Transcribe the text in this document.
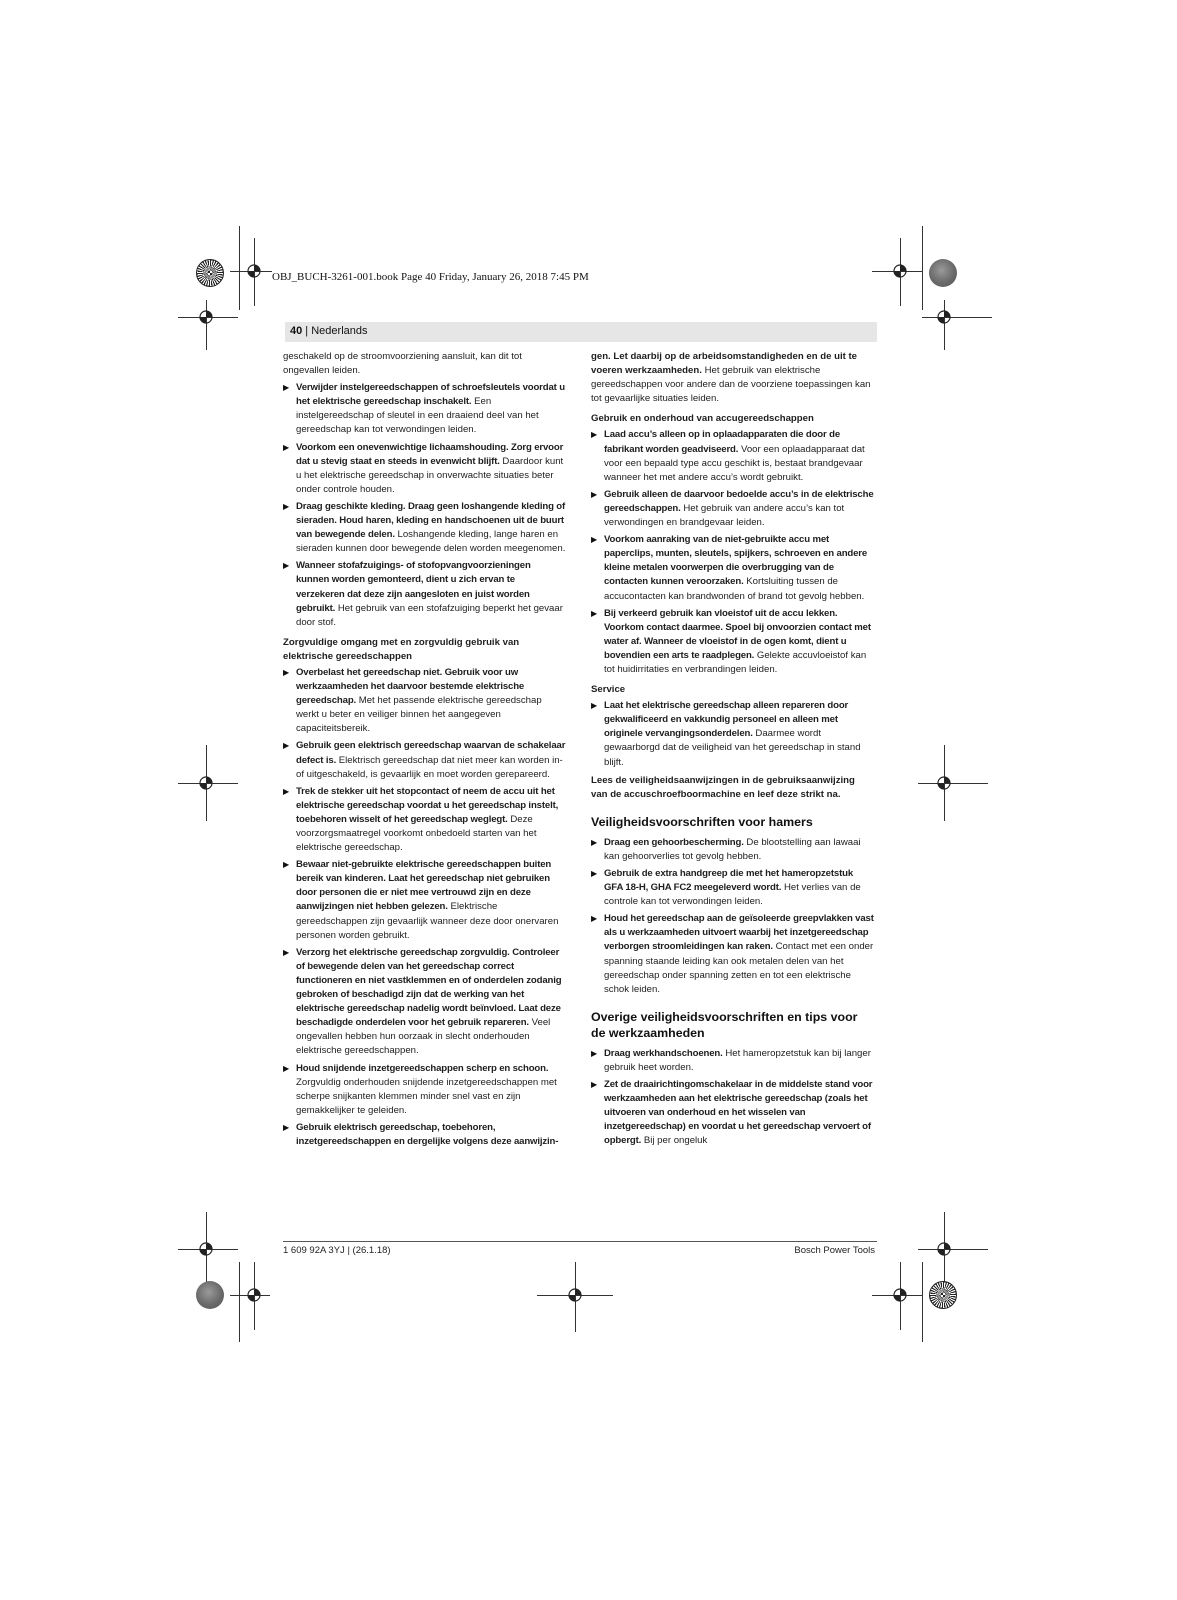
OBJ_BUCH-3261-001.book Page 40 Friday, January 26, 2018 7:45 PM
40 | Nederlands

geschakeld op de stroomvoorziening aansluit, kan dit tot ongevallen leiden.

▶ Verwijder instelgereedschappen of schroefsleutels voordat u het elektrische gereedschap inschakelt. Een instelgereedschap of sleutel in een draaiend deel van het gereedschap kan tot verwondingen leiden.
▶ Voorkom een onevenwichtige lichaamshouding. Zorg ervoor dat u stevig staat en steeds in evenwicht blijft. Daardoor kunt u het elektrische gereedschap in onverwachte situaties beter onder controle houden.
▶ Draag geschikte kleding. Draag geen loshangende kleding of sieraden. Houd haren, kleding en handschoenen uit de buurt van bewegende delen. Loshangende kleding, lange haren en sieraden kunnen door bewegende delen worden meegenomen.
▶ Wanneer stofafzuigings- of stofopvangvoorzieningen kunnen worden gemonteerd, dient u zich ervan te verzekeren dat deze zijn aangesloten en juist worden gebruikt. Het gebruik van een stofafzuiging beperkt het gevaar door stof.
Zorgvuldige omgang met en zorgvuldig gebruik van elektrische gereedschappen
▶ Overbelast het gereedschap niet. Gebruik voor uw werkzaamheden het daarvoor bestemde elektrische gereedschap. Met het passende elektrische gereedschap werkt u beter en veiliger binnen het aangegeven capaciteitsbereik.
▶ Gebruik geen elektrisch gereedschap waarvan de schakelaar defect is. Elektrisch gereedschap dat niet meer kan worden in- of uitgeschakeld, is gevaarlijk en moet worden gerepareerd.
▶ Trek de stekker uit het stopcontact of neem de accu uit het elektrische gereedschap voordat u het gereedschap instelt, toebehoren wisselt of het gereedschap weglegt. Deze voorzorgsmaatregel voorkomt onbedoeld starten van het elektrische gereedschap.
▶ Bewaar niet-gebruikte elektrische gereedschappen buiten bereik van kinderen. Laat het gereedschap niet gebruiken door personen die er niet mee vertrouwd zijn en deze aanwijzingen niet hebben gelezen. Elektrische gereedschappen zijn gevaarlijk wanneer deze door onervaren personen worden gebruikt.
▶ Verzorg het elektrische gereedschap zorgvuldig. Controleer of bewegende delen van het gereedschap correct functioneren en niet vastklemmen en of onderdelen zodanig gebroken of beschadigd zijn dat de werking van het elektrische gereedschap nadelig wordt beïnvloed. Laat deze beschadigde onderdelen voor het gebruik repareren. Veel ongevallen hebben hun oorzaak in slecht onderhouden elektrische gereedschappen.
▶ Houd snijdende inzetgereedschappen scherp en schoon. Zorgvuldig onderhouden snijdende inzetgereedschappen met scherpe snijkanten klemmen minder snel vast en zijn gemakkelijker te geleiden.
▶ Gebruik elektrisch gereedschap, toebehoren, inzetgereedschappen en dergelijke volgens deze aanwijzin-

gen. Let daarbij op de arbeidsomstandigheden en de uit te voeren werkzaamheden. Het gebruik van elektrische gereedschappen voor andere dan de voorziene toepassingen kan tot gevaarlijke situaties leiden.

Gebruik en onderhoud van accugereedschappen
▶ Laad accu’s alleen op in oplaadapparaten die door de fabrikant worden geadviseerd. Voor een oplaadapparaat dat voor een bepaald type accu geschikt is, bestaat brandgevaar wanneer het met andere accu’s wordt gebruikt.
▶ Gebruik alleen de daarvoor bedoelde accu’s in de elektrische gereedschappen. Het gebruik van andere accu’s kan tot verwondingen en brandgevaar leiden.
▶ Voorkom aanraking van de niet-gebruikte accu met paperclips, munten, sleutels, spijkers, schroeven en andere kleine metalen voorwerpen die overbrugging van de contacten kunnen veroorzaken. Kortsluiting tussen de accucontacten kan brandwonden of brand tot gevolg hebben.
▶ Bij verkeerd gebruik kan vloeistof uit de accu lekken. Voorkom contact daarmee. Spoel bij onvoorzien contact met water af. Wanneer de vloeistof in de ogen komt, dient u bovendien een arts te raadplegen. Gelekte accuvloeistof kan tot huidirritaties en verbrandingen leiden.
Service
▶ Laat het elektrische gereedschap alleen repareren door gekwalificeerd en vakkundig personeel en alleen met originele vervangingsonderdelen. Daarmee wordt gewaarborgd dat de veiligheid van het gereedschap in stand blijft.
Lees de veiligheidsaanwijzingen in de gebruiksaanwijzing van de accuschroefboormachine en leef deze strikt na.
Veiligheidsvoorschriften voor hamers
▶ Draag een gehoorbescherming. De blootstelling aan lawaai kan gehoorverlies tot gevolg hebben.
▶ Gebruik de extra handgreep die met het hameropzetstuk GFA 18-H, GHA FC2 meegeleverd wordt. Het verlies van de controle kan tot verwondingen leiden.
▶ Houd het gereedschap aan de geïsoleerde greepvlakken vast als u werkzaamheden uitvoert waarbij het inzetgereedschap verborgen stroomleidingen kan raken. Contact met een onder spanning staande leiding kan ook metalen delen van het gereedschap onder spanning zetten en tot een elektrische schok leiden.
Overige veiligheidsvoorschriften en tips voor de werkzaamheden
▶ Draag werkhandschoenen. Het hameropzetstuk kan bij langer gebruik heet worden.
▶ Zet de draairichtingomschakelaar in de middelste stand voor werkzaamheden aan het elektrische gereedschap (zoals het uitvoeren van onderhoud en het wisselen van inzetgereedschap) en voordat u het gereedschap vervoert of opbergt. Bij per ongeluk
1 609 92A 3YJ | (26.1.18)	Bosch Power Tools
